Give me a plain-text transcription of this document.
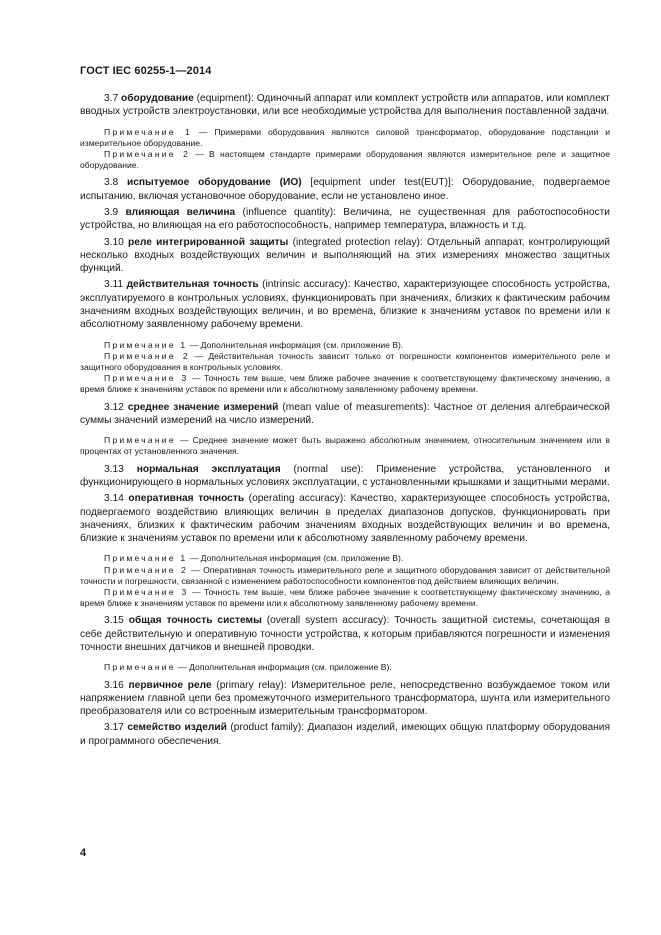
ГОСТ IEC 60255-1—2014

3.7 оборудование (equipment): Одиночный аппарат или комплект устройств или аппаратов, или комплект вводных устройств электроустановки, или все необходимые устройства для выполнения поставленной задачи.

Примечание 1 — Примерами оборудования являются силовой трансформатор, оборудование подстанции и измерительное оборудование.

Примечание 2 — В настоящем стандарте примерами оборудования являются измерительное реле и защитное оборудование.

3.8 испытуемое оборудование (ИО) [equipment under test(EUT)]: Оборудование, подвергаемое испытанию, включая установочное оборудование, если не установлено иное.

3.9 влияющая величина (influence quantity): Величина, не существенная для работоспособности устройства, но влияющая на его работоспособность, например температура, влажность и т.д.

3.10 реле интегрированной защиты (integrated protection relay): Отдельный аппарат, контролирующий несколько входных воздействующих величин и выполняющий на этих измерениях множество защитных функций.

3.11 действительная точность (intrinsic accuracy): Качество, характеризующее способность устройства, эксплуатируемого в контрольных условиях, функционировать при значениях, близких к фактическим рабочим значениям входных воздействующих величин, и во времена, близкие к значениям уставок по времени или к абсолютному заявленному рабочему времени.

Примечание 1 — Дополнительная информация (см. приложение В).

Примечание 2 — Действительная точность зависит только от погрешности компонентов измерительного реле и защитного оборудования в контрольных условиях.

Примечание 3 — Точность тем выше, чем ближе рабочее значение к соответствующему фактическому значению, а время ближе к значениям уставок по времени или к абсолютному заявленному рабочему времени.

3.12 среднее значение измерений (mean value of measurements): Частное от деления алгебраической суммы значений измерений на число измерений.

Примечание — Среднее значение может быть выражено абсолютным значением, относительным значением или в процентах от установленного значения.

3.13 нормальная эксплуатация (normal use): Применение устройства, установленного и функционирующего в нормальных условиях эксплуатации, с установленными крышками и защитными мерами.

3.14 оперативная точность (operating accuracy): Качество, характеризующее способность устройства, подвергаемого воздействию влияющих величин в пределах диапазонов допусков, функционировать при значениях, близких к фактическим рабочим значениям входных воздействующих величин и во времена, близкие к значениям уставок по времени или к абсолютному заявленному рабочему времени.

Примечание 1 — Дополнительная информация (см. приложение В).

Примечание 2 — Оперативная точность измерительного реле и защитного оборудования зависит от действительной точности и погрешности, связанной с изменением работоспособности компонентов под действием влияющих величин.

Примечание 3 — Точность тем выше, чем ближе рабочее значение к соответствующему фактическому значению, а время ближе к значениям уставок по времени или к абсолютному заявленному рабочему времени.

3.15 общая точность системы (overall system accuracy): Точность защитной системы, сочетающая в себе действительную и оперативную точности устройства, к которым прибавляются погрешности и изменения точности внешних датчиков и внешней проводки.

Примечание — Дополнительная информация (см. приложение В).

3.16 первичное реле (primary relay): Измерительное реле, непосредственно возбуждаемое током или напряжением главной цепи без промежуточного измерительного трансформатора, шунта или измерительного преобразователя или со встроенным измерительным трансформатором.

3.17 семейство изделий (product family): Диапазон изделий, имеющих общую платформу оборудования и программного обеспечения.

4
